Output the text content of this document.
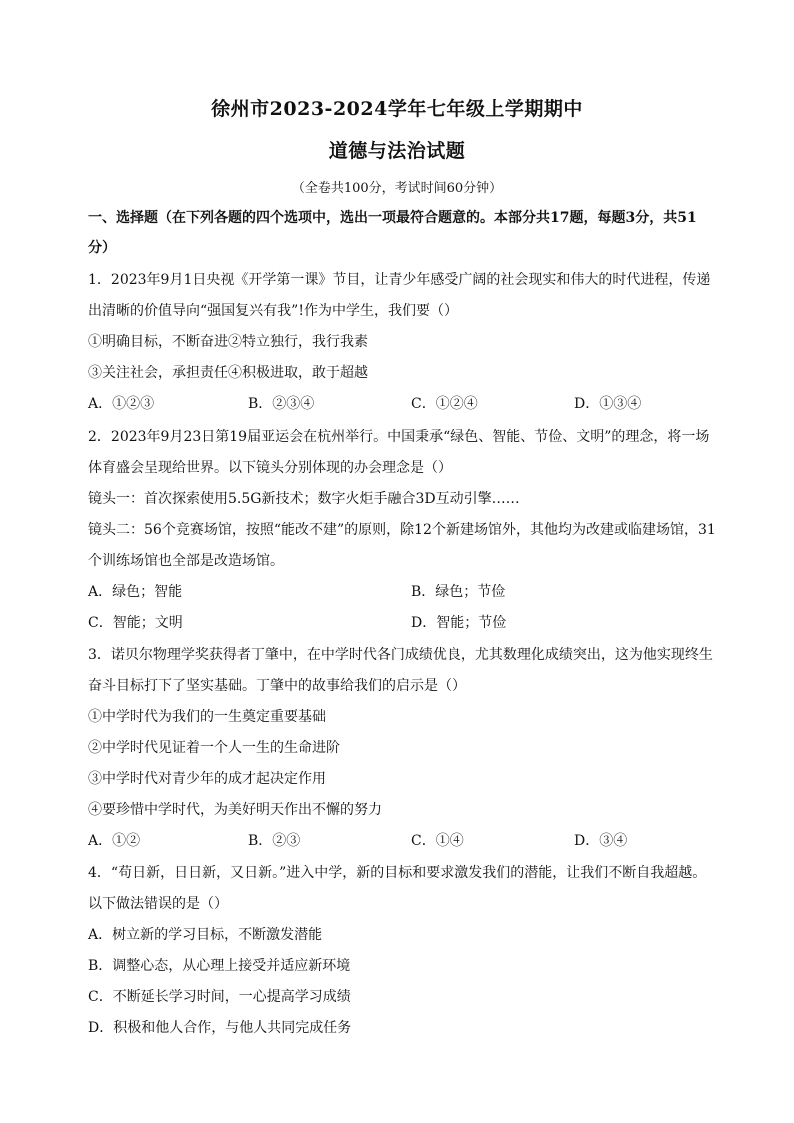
徐州市2023-2024学年七年级上学期期中
道德与法治试题
（全卷共100分，考试时间60分钟）
一、选择题（在下列各题的四个选项中，选出一项最符合题意的。本部分共17题，每题3分，共51
分）
1．2023年9月1日央视《开学第一课》节目，让青少年感受广阔的社会现实和伟大的时代进程，传递
出清晰的价值导向“强国复兴有我”!作为中学生，我们要（）
①明确目标，不断奋进②特立独行，我行我素
③关注社会，承担责任④积极进取，敢于超越
A．①②③	B．②③④	C．①②④	D．①③④
2．2023年9月23日第19届亚运会在杭州举行。中国秉承“绿色、智能、节俭、文明”的理念，将一场
体育盛会呈现给世界。以下镜头分别体现的办会理念是（）
镜头一：首次探索使用5.5G新技术；数字火炬手融合3D互动引擎……
镜头二：56个竞赛场馆，按照“能改不建”的原则，除12个新建场馆外，其他均为改建或临建场馆，31
个训练场馆也全部是改造场馆。
A．绿色；智能	B．绿色；节俭
C．智能；文明	D．智能；节俭
3．诺贝尔物理学奖获得者丁肇中，在中学时代各门成绩优良，尤其数理化成绩突出，这为他实现终生
奋斗目标打下了坚实基础。丁肇中的故事给我们的启示是（）
①中学时代为我们的一生奠定重要基础
②中学时代见证着一个人一生的生命进阶
③中学时代对青少年的成才起决定作用
④要珍惜中学时代，为美好明天作出不懈的努力
A．①②	B．②③	C．①④	D．③④
4．“苟日新，日日新，又日新。”进入中学，新的目标和要求激发我们的潜能，让我们不断自我超越。
以下做法错误的是（）
A．树立新的学习目标，不断激发潜能
B．调整心态，从心理上接受并适应新环境
C．不断延长学习时间，一心提高学习成绩
D．积极和他人合作，与他人共同完成任务
